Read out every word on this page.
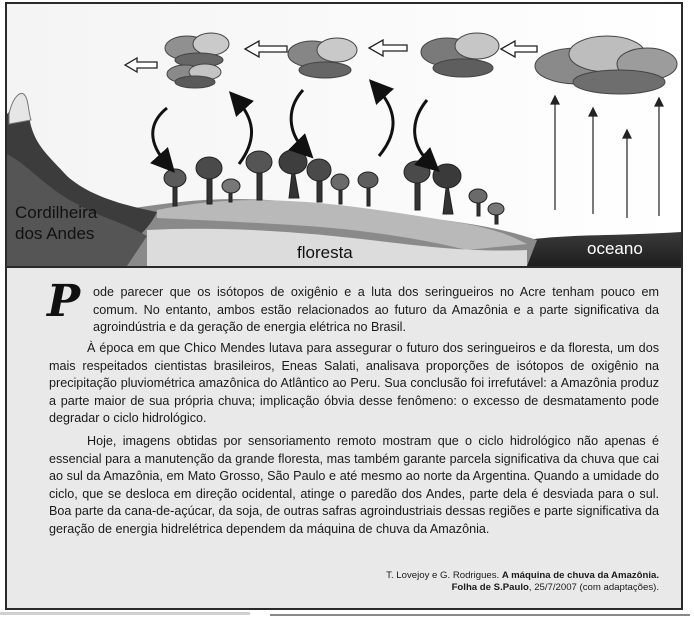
Cordilheira
dos Andes
floresta	oceano
P ode parecer que os isótopos de oxigênio e a luta dos seringueiros no Acre tenham pouco em comum. No entanto, ambos estão relacionados ao futuro da Amazônia e a parte significativa da agroindústria e da geração de energia elétrica no Brasil.

À época em que Chico Mendes lutava para assegurar o futuro dos seringueiros e da floresta, um dos mais respeitados cientistas brasileiros, Eneas Salati, analisava proporções de isótopos de oxigênio na precipitação pluviométrica amazônica do Atlântico ao Peru. Sua conclusão foi irrefutável: a Amazônia produz a parte maior de sua própria chuva; implicação óbvia desse fenômeno: o excesso de desmatamento pode degradar o ciclo hidrológico.

Hoje, imagens obtidas por sensoriamento remoto mostram que o ciclo hidrológico não apenas é essencial para a manutenção da grande floresta, mas também garante parcela significativa da chuva que cai ao sul da Amazônia, em Mato Grosso, São Paulo e até mesmo ao norte da Argentina. Quando a umidade do ciclo, que se desloca em direção ocidental, atinge o paredão dos Andes, parte dela é desviada para o sul. Boa parte da cana-de-açúcar, da soja, de outras safras agroindustriais dessas regiões e parte significativa da geração de energia hidrelétrica dependem da máquina de chuva da Amazônia.

T. Lovejoy e G. Rodrigues. A máquina de chuva da Amazônia.
Folha de S.Paulo, 25/7/2007 (com adaptações).
